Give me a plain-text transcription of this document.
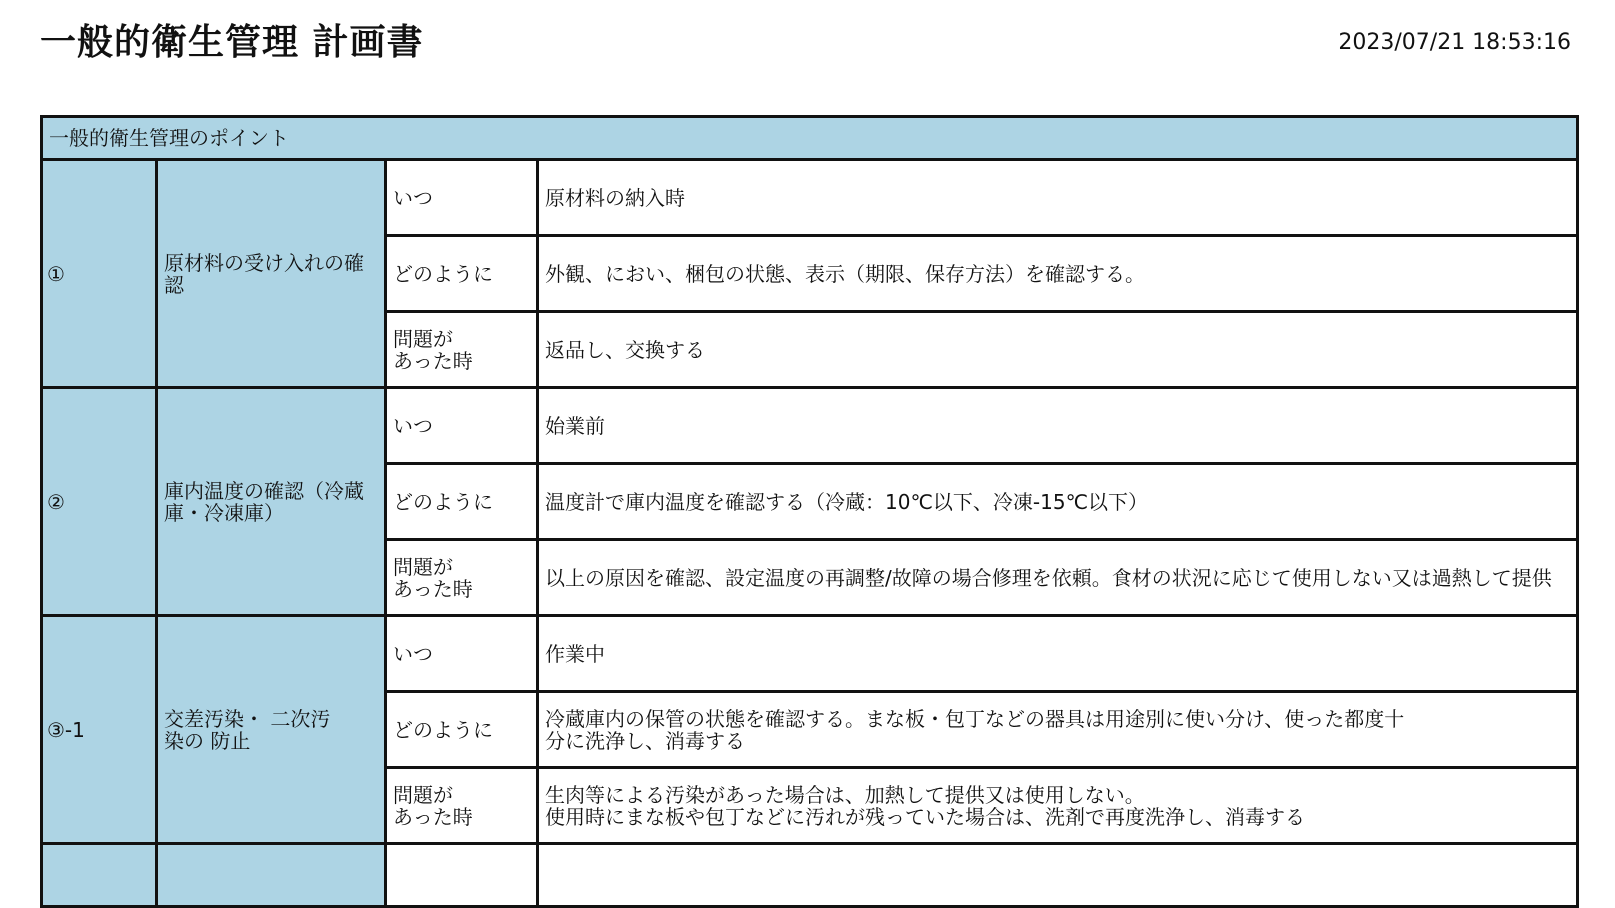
一般的衛生管理 計画書	2023/07/21 18:53:16
一般的衛生管理のポイント			
①	原材料の受け入れの確認	いつ	原材料の納入時
		どのように	外観、におい、梱包の状態、表示（期限、保存方法）を確認する。
		問題が
あった時	返品し、交換する
②	庫内温度の確認（冷蔵庫・冷凍庫）	いつ	始業前
		どのように	温度計で庫内温度を確認する（冷蔵：10℃以下、冷凍-15℃以下）
		問題が
あった時	以上の原因を確認、設定温度の再調整/故障の場合修理を依頼。食材の状況に応じて使用しない又は過熱して提供
③-1	交差汚染・ 二次汚
染の 防止	いつ	作業中
		どのように	冷蔵庫内の保管の状態を確認する。まな板・包丁などの器具は用途別に使い分け、使った都度十
分に洗浄し、消毒する
		問題が
あった時	生肉等による汚染があった場合は、加熱して提供又は使用しない。
使用時にまな板や包丁などに汚れが残っていた場合は、洗剤で再度洗浄し、消毒する
